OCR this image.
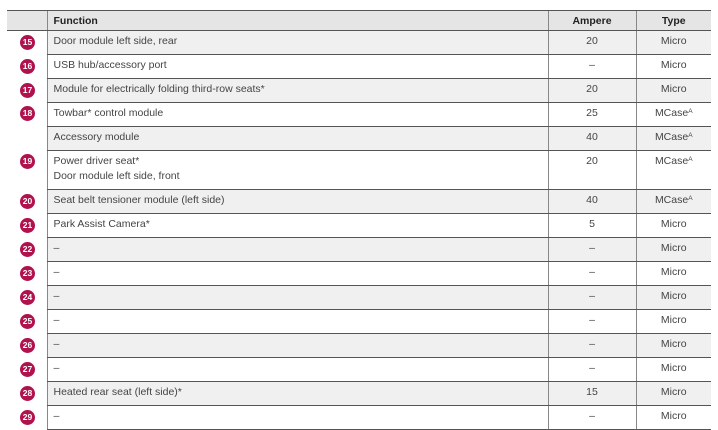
	Function	Ampere	Type

15	Door module left side, rear	20	Micro

16	USB hub/accessory port	–	Micro

17	Module for electrically folding third-row seats*	20	Micro

18	Towbar* control module	25	MCase$^A$
	Accessory module	40	MCase$^A$

19	Power driver seat*
Door module left side, front	20	MCase$^A$

20	Seat belt tensioner module (left side)	40	MCase$^A$

21	Park Assist Camera*	5	Micro

22	–	–	Micro

23	–	–	Micro

24	–	–	Micro

25	–	–	Micro

26	–	–	Micro

27	–	–	Micro

28	Heated rear seat (left side)*	15	Micro

29	–	–	Micro
